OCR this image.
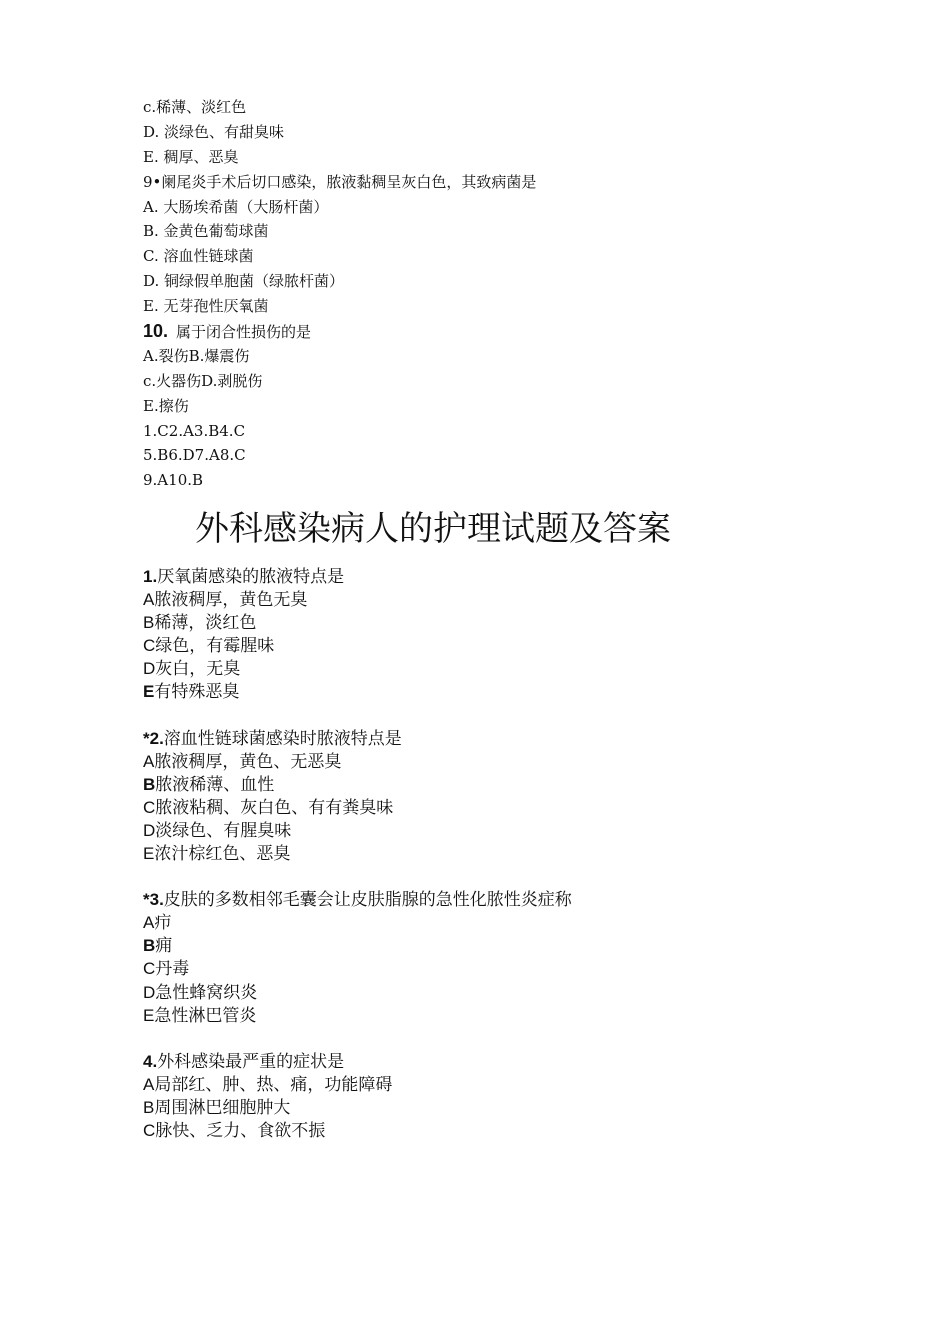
c.稀薄、淡红色
D. 淡绿色、有甜臭味
E. 稠厚、恶臭
9•阑尾炎手术后切口感染，脓液黏稠呈灰白色，其致病菌是
A. 大肠埃希菌（大肠杆菌）
B. 金黄色葡萄球菌
C. 溶血性链球菌
D. 铜绿假单胞菌（绿脓杆菌）
E. 无芽孢性厌氧菌
10. 属于闭合性损伤的是
A.裂伤B.爆震伤
c.火器伤D.剥脱伤
E.擦伤
1.C2.A3.B4.C
5.B6.D7.A8.C
9.A10.B
外科感染病人的护理试题及答案
1.厌氧菌感染的脓液特点是
A脓液稠厚，黄色无臭
B稀薄，淡红色
C绿色，有霉腥味
D灰白，无臭
E有特殊恶臭
*2.溶血性链球菌感染时脓液特点是
A脓液稠厚，黄色、无恶臭
B脓液稀薄、血性
C脓液粘稠、灰白色、有有粪臭味
D淡绿色、有腥臭味
E浓汁棕红色、恶臭
*3.皮肤的多数相邻毛囊会让皮肤脂腺的急性化脓性炎症称
A疖
B痈
C丹毒
D急性蜂窝织炎
E急性淋巴管炎
4.外科感染最严重的症状是
A局部红、肿、热、痛，功能障碍
B周围淋巴细胞肿大
C脉快、乏力、食欲不振
